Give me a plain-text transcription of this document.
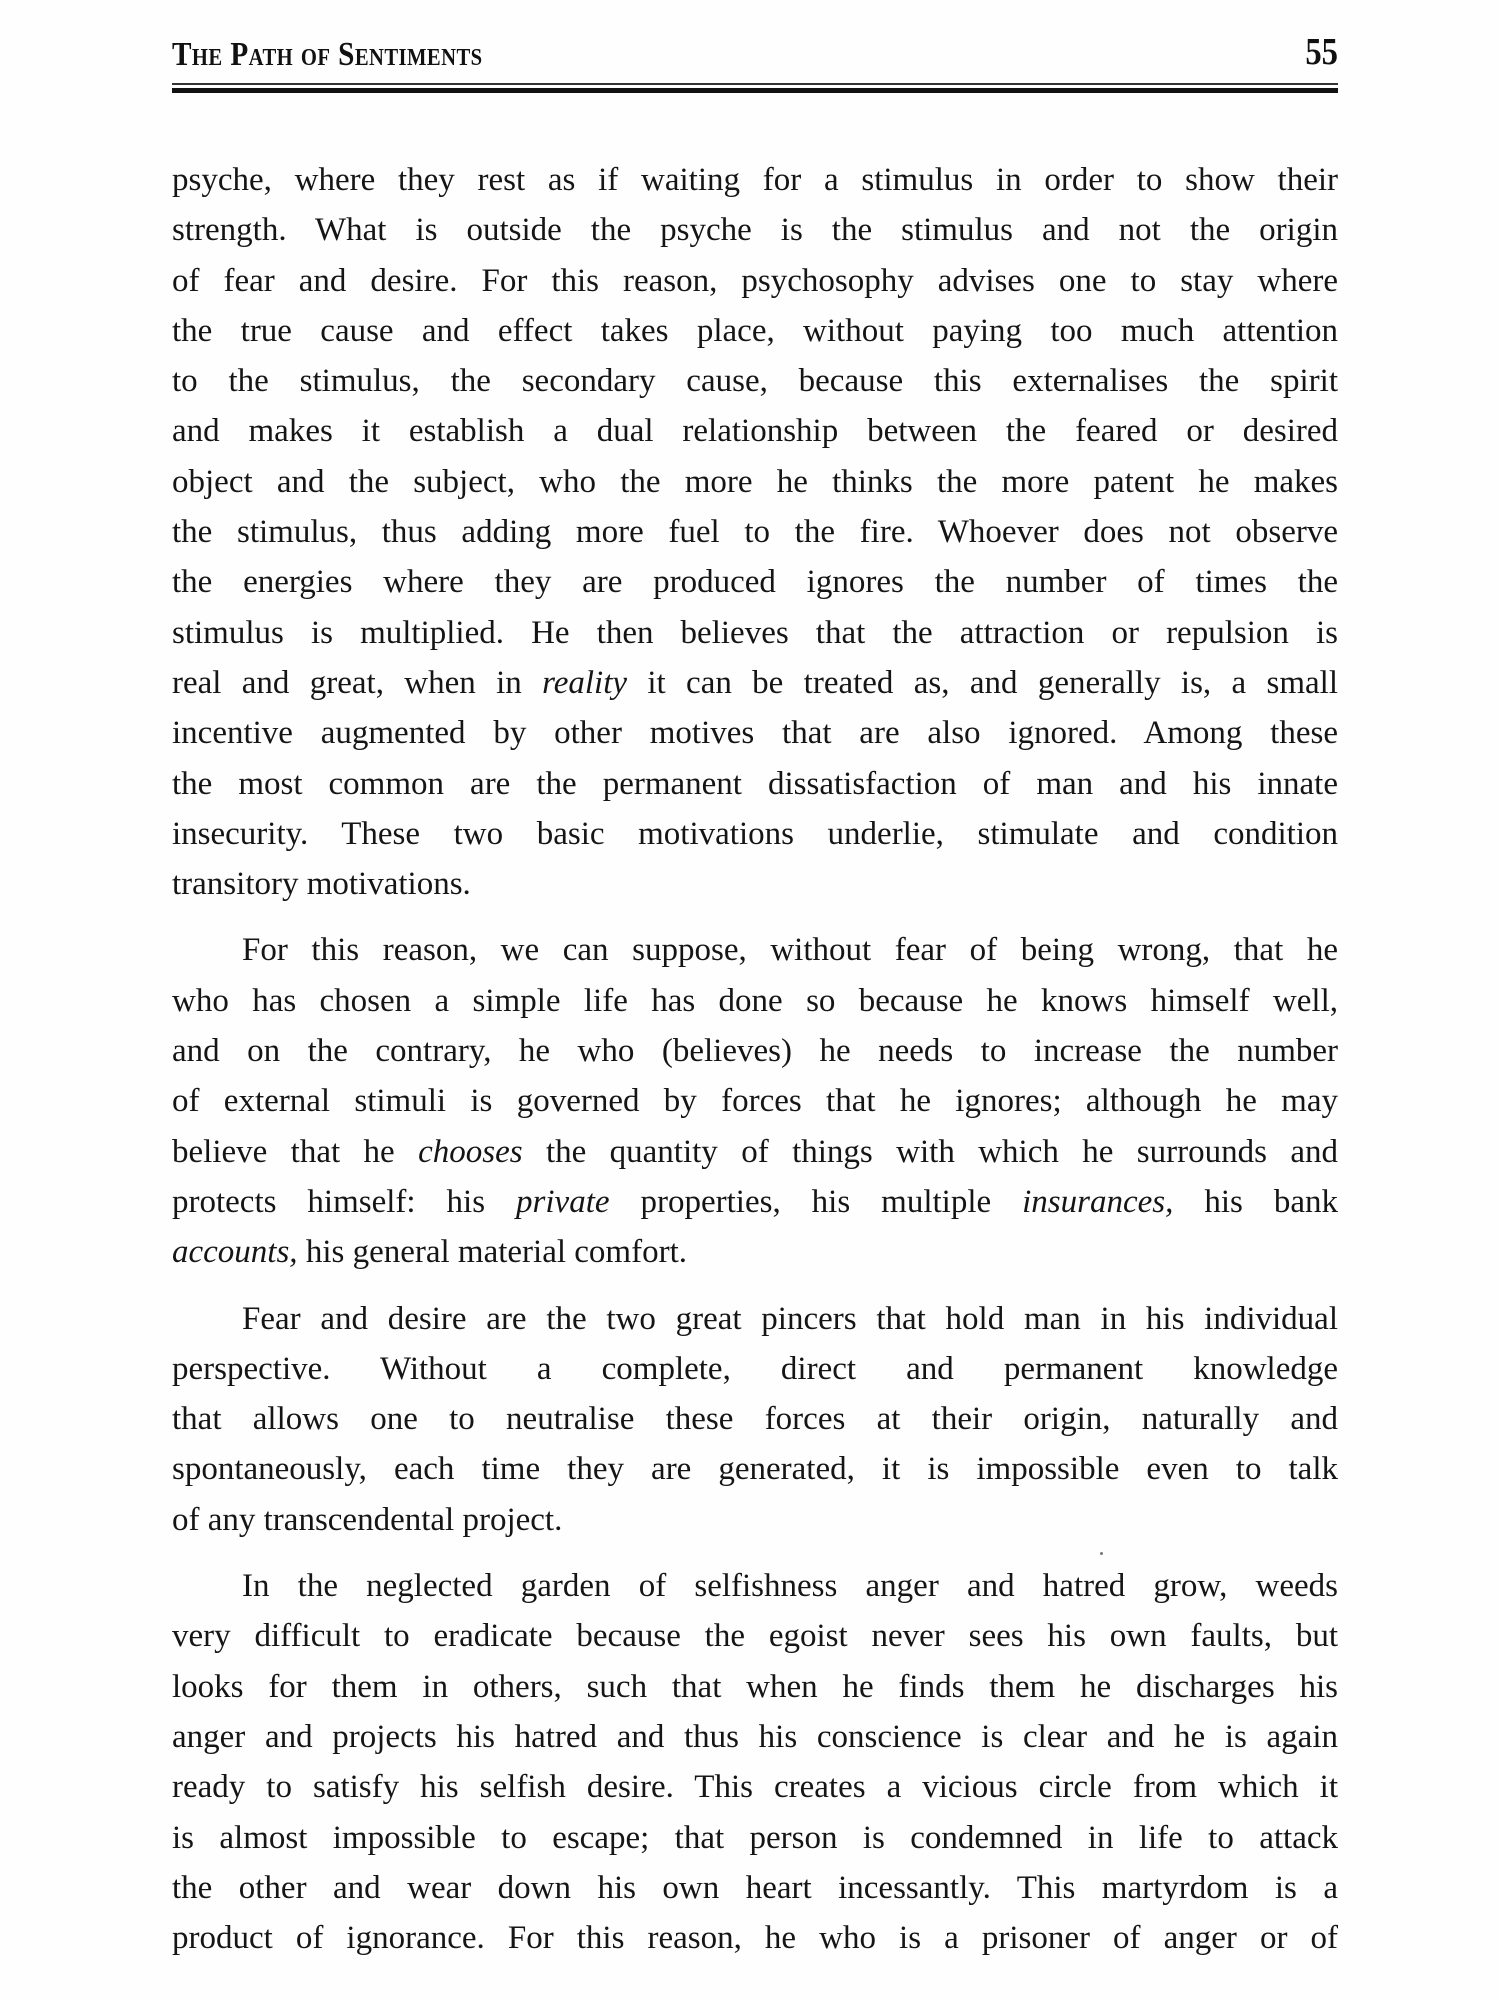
The Path of Sentiments	55
psyche, where they rest as if waiting for a stimulus in order to show their
strength. What is outside the psyche is the stimulus and not the origin
of fear and desire. For this reason, psychosophy advises one to stay where
the true cause and effect takes place, without paying too much attention
to the stimulus, the secondary cause, because this externalises the spirit
and makes it establish a dual relationship between the feared or desired
object and the subject, who the more he thinks the more patent he makes
the stimulus, thus adding more fuel to the fire. Whoever does not observe
the energies where they are produced ignores the number of times the
stimulus is multiplied. He then believes that the attraction or repulsion is
real and great, when in reality it can be treated as, and generally is, a small
incentive augmented by other motives that are also ignored. Among these
the most common are the permanent dissatisfaction of man and his innate
insecurity. These two basic motivations underlie, stimulate and condition
transitory motivations.
For this reason, we can suppose, without fear of being wrong, that he
who has chosen a simple life has done so because he knows himself well,
and on the contrary, he who (believes) he needs to increase the number
of external stimuli is governed by forces that he ignores; although he may
believe that he chooses the quantity of things with which he surrounds and
protects himself: his private properties, his multiple insurances, his bank
accounts, his general material comfort.
Fear and desire are the two great pincers that hold man in his individual
perspective. Without a complete, direct and permanent knowledge
that allows one to neutralise these forces at their origin, naturally and
spontaneously, each time they are generated, it is impossible even to talk
of any transcendental project.
In the neglected garden of selfishness anger and hatred grow, weeds
very difficult to eradicate because the egoist never sees his own faults, but
looks for them in others, such that when he finds them he discharges his
anger and projects his hatred and thus his conscience is clear and he is again
ready to satisfy his selfish desire. This creates a vicious circle from which it
is almost impossible to escape; that person is condemned in life to attack
the other and wear down his own heart incessantly. This martyrdom is a
product of ignorance. For this reason, he who is a prisoner of anger or of
